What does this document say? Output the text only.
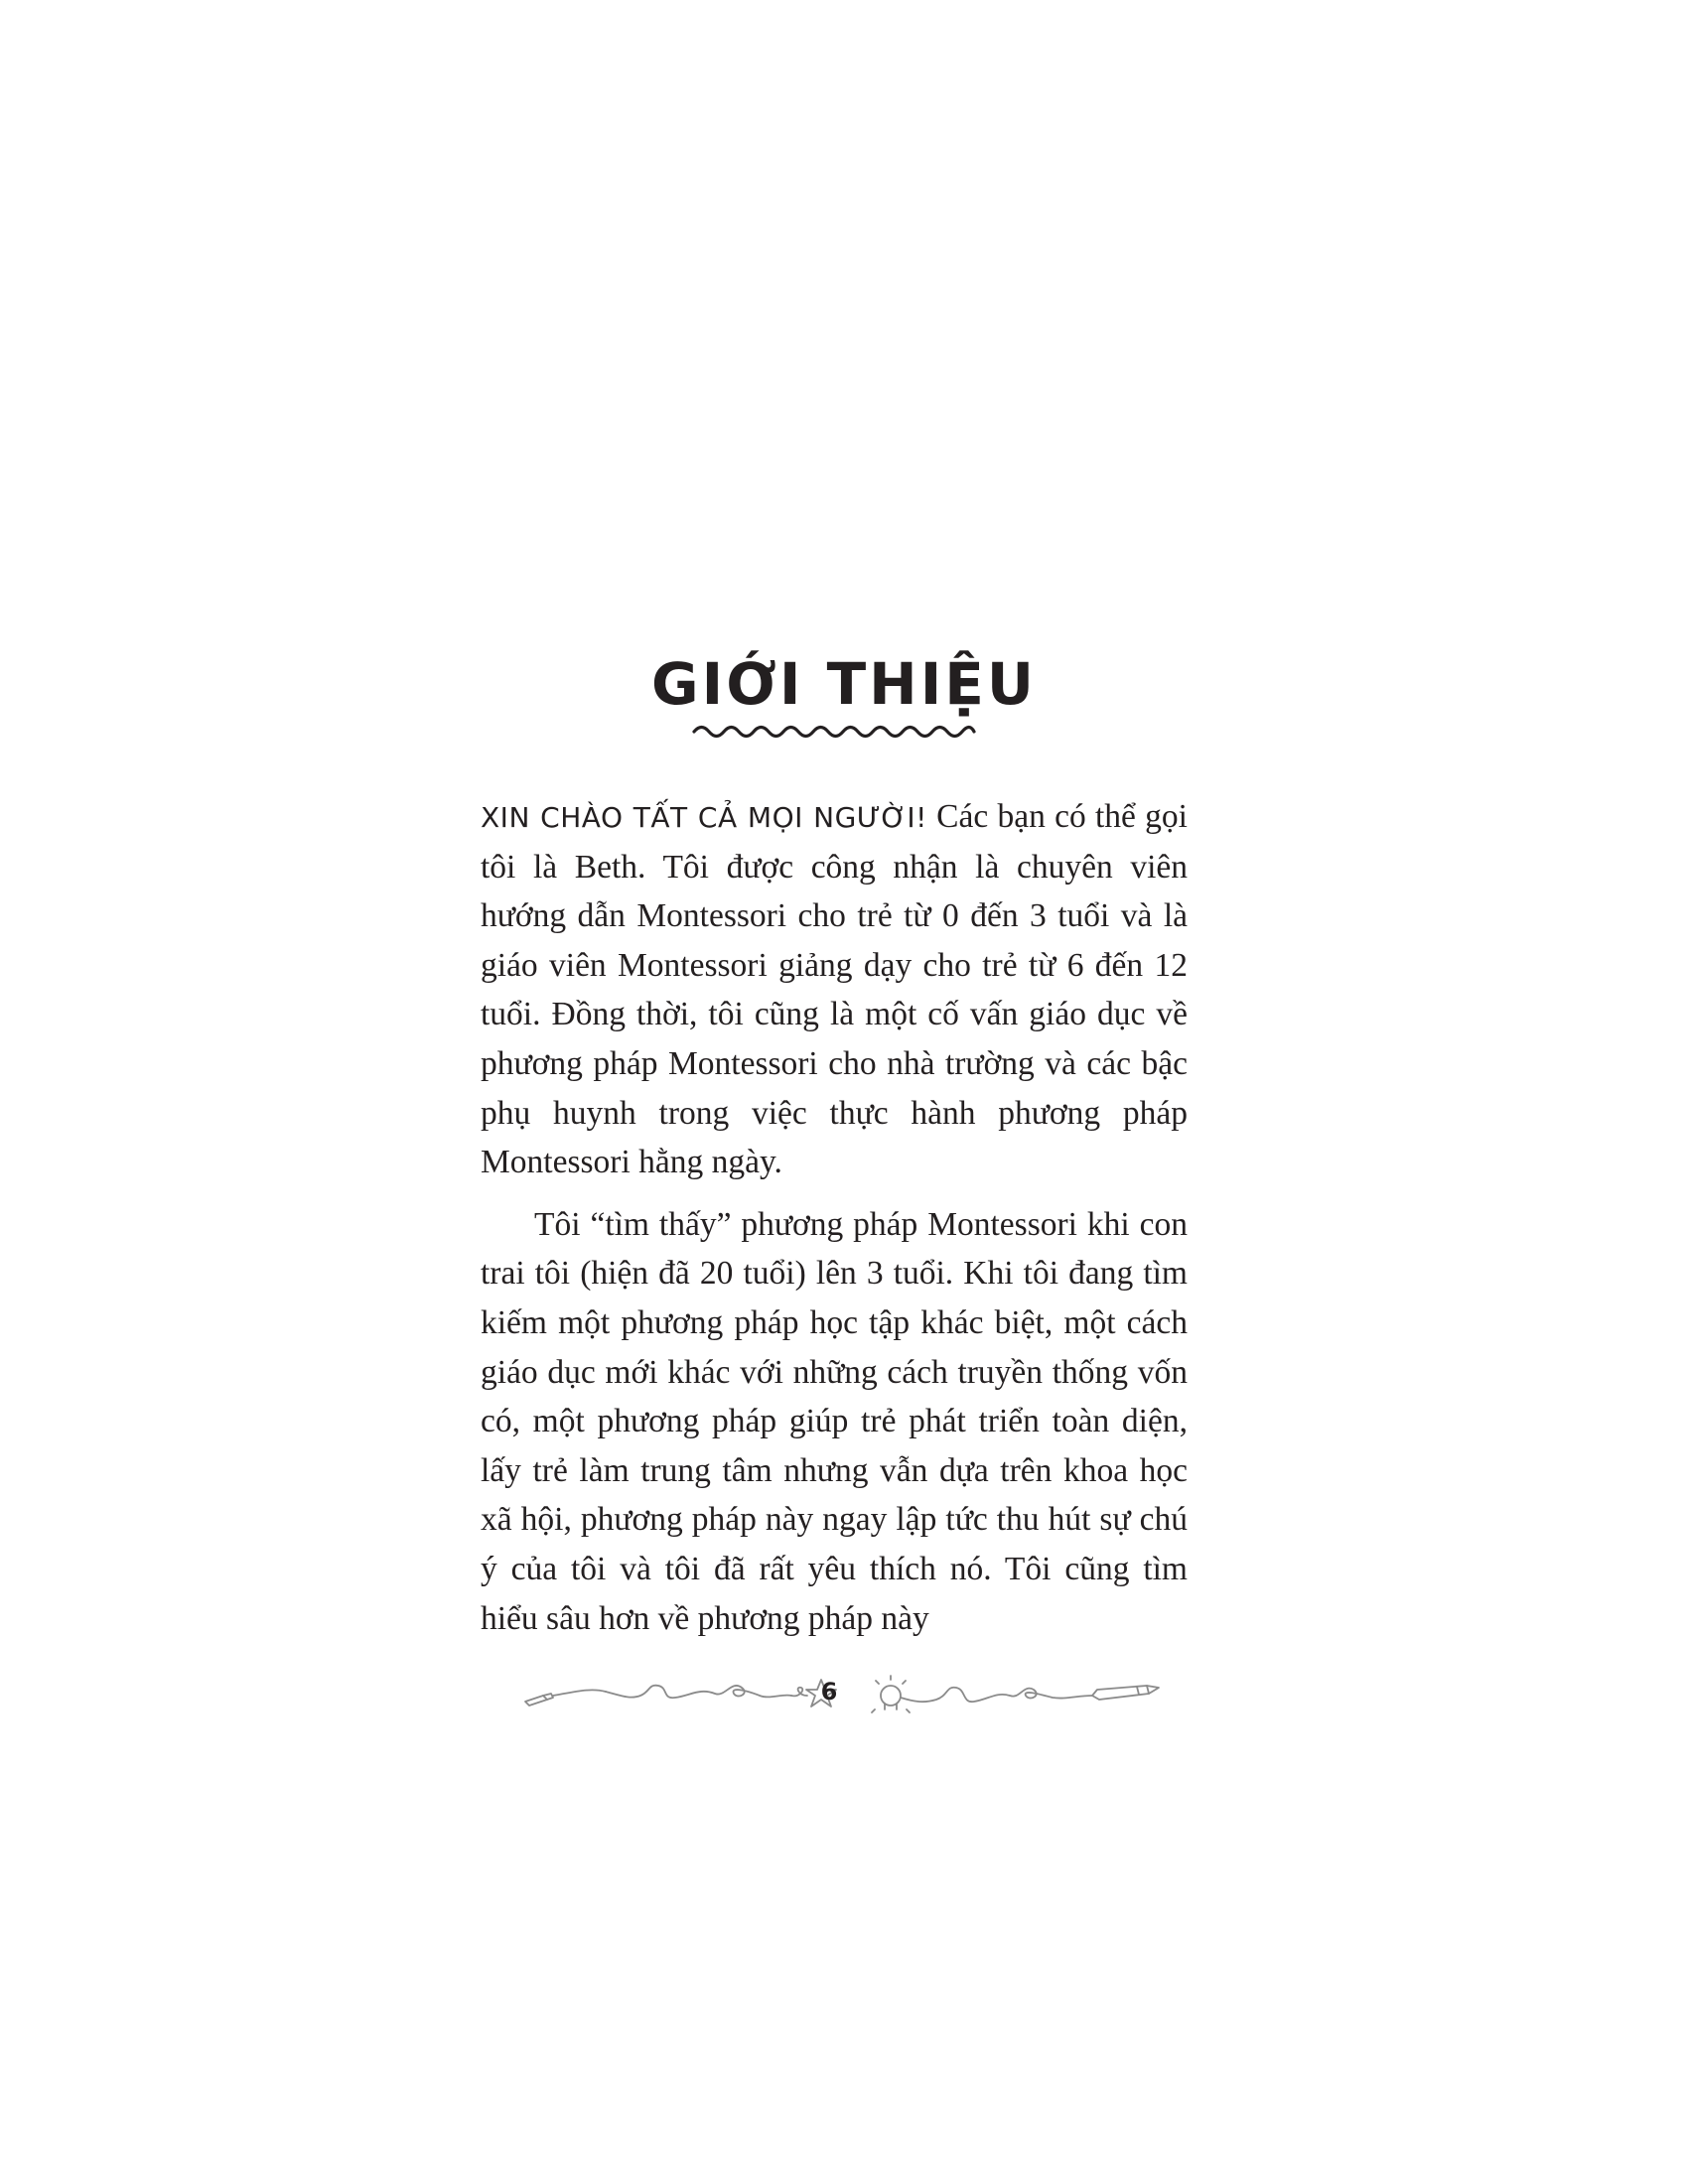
GIỚI THIỆU

XIN CHÀO TẤT CẢ MỌI NGƯỜI! Các bạn có thể gọi tôi là Beth. Tôi được công nhận là chuyên viên hướng dẫn Montessori cho trẻ từ 0 đến 3 tuổi và là giáo viên Montessori giảng dạy cho trẻ từ 6 đến 12 tuổi. Đồng thời, tôi cũng là một cố vấn giáo dục về phương pháp Montessori cho nhà trường và các bậc phụ huynh trong việc thực hành phương pháp Montessori hằng ngày.

Tôi “tìm thấy” phương pháp Montessori khi con trai tôi (hiện đã 20 tuổi) lên 3 tuổi. Khi tôi đang tìm kiếm một phương pháp học tập khác biệt, một cách giáo dục mới khác với những cách truyền thống vốn có, một phương pháp giúp trẻ phát triển toàn diện, lấy trẻ làm trung tâm nhưng vẫn dựa trên khoa học xã hội, phương pháp này ngay lập tức thu hút sự chú ý của tôi và tôi đã rất yêu thích nó. Tôi cũng tìm hiểu sâu hơn về phương pháp này

6
